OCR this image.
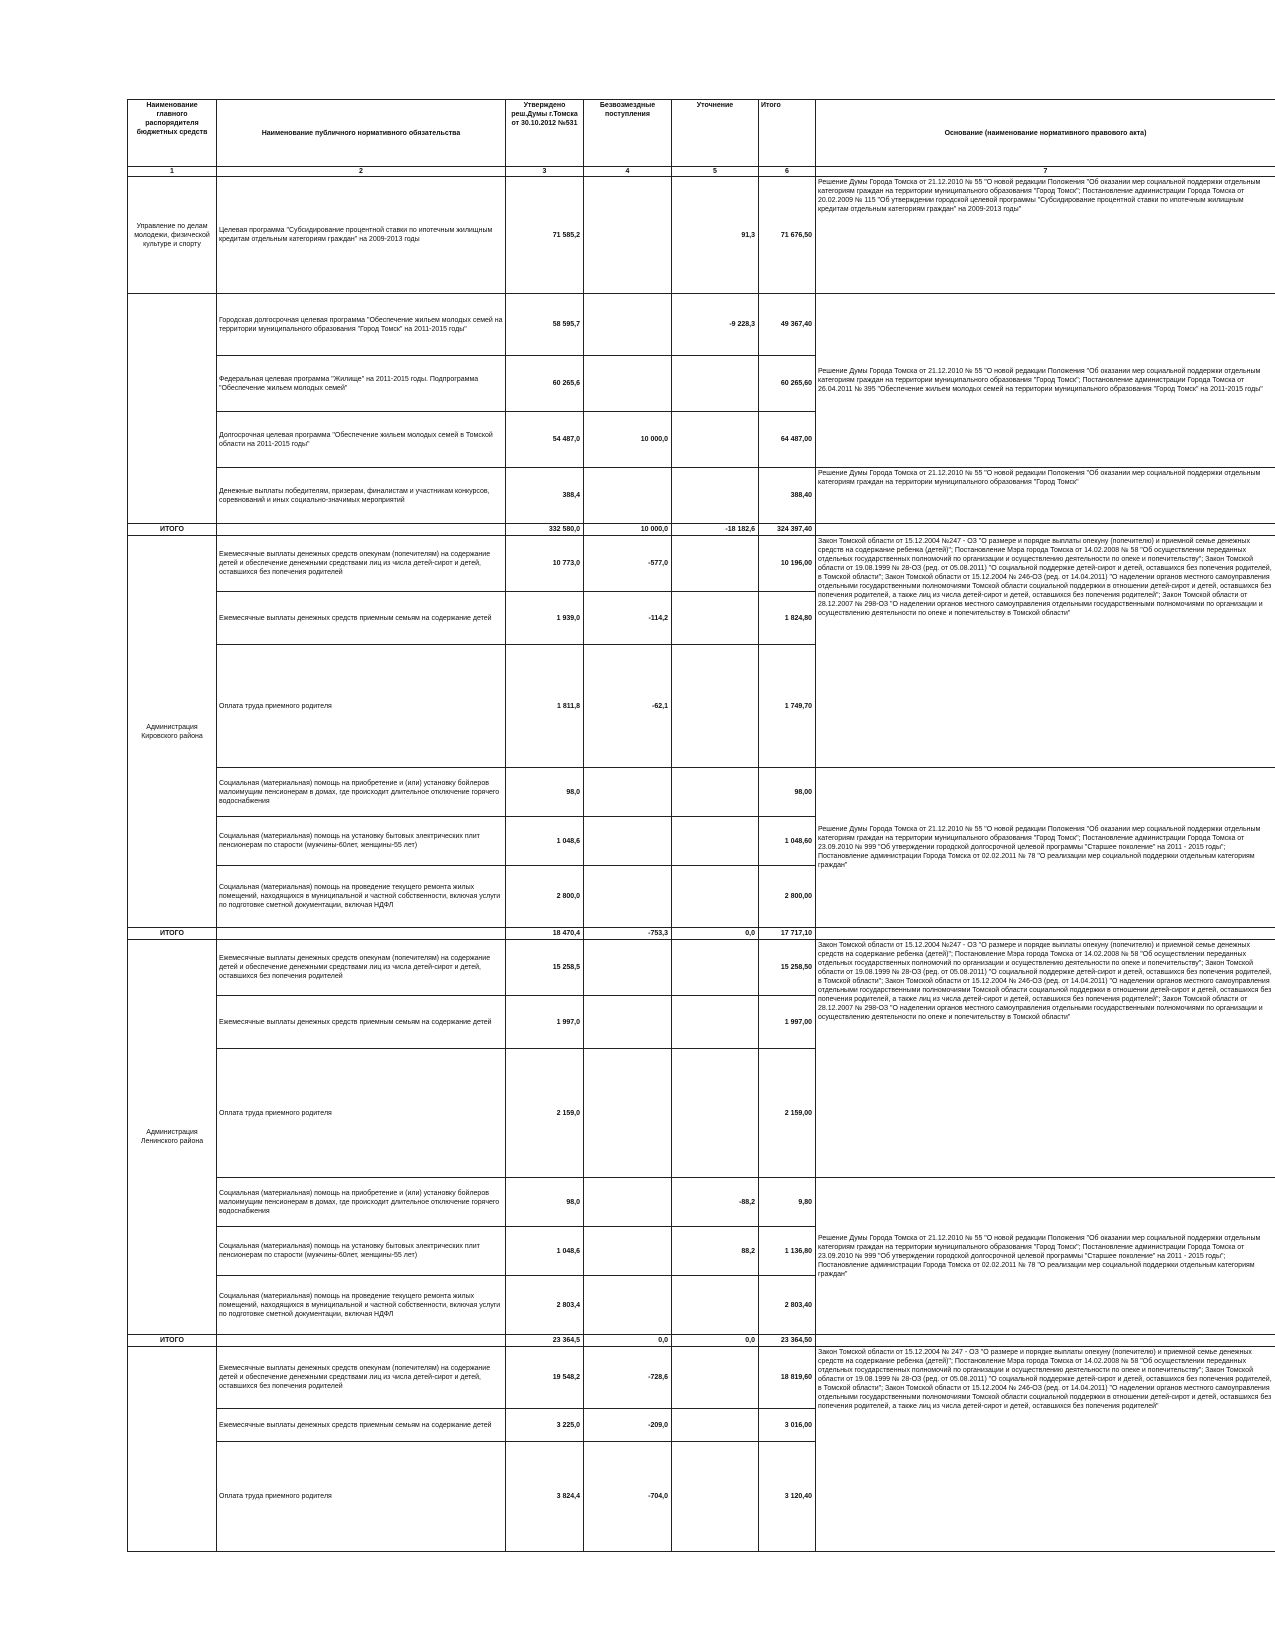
Наименование главного распорядителя бюджетных средств	Наименование публичного нормативного обязательства	Утверждено реш.Думы г.Томска от 30.10.2012 №531	Безвозмездные поступления	Уточнение	Итого	Основание (наименование нормативного правового акта)
1	2	3	4	5	6	7
Управление по делам молодежи, физической культуре и спорту	Целевая программа "Субсидирование процентной ставки по ипотечным жилищным кредитам отдельным категориям граждан" на 2009-2013 годы	71 585,2		91,3	71 676,50	Решение Думы Города Томска от 21.12.2010 № 55 "О новой редакции Положения "Об оказании мер социальной поддержки отдельным категориям граждан на территории муниципального образования "Город Томск"; Постановление администрации Города Томска от 20.02.2009 № 115 "Об утверждении городской целевой программы "Субсидирование процентной ставки по ипотечным жилищным кредитам отдельным категориям граждан" на 2009-2013 годы"
	Городская долгосрочная целевая программа "Обеспечение жильем молодых семей на территории муниципального образования "Город Томск" на 2011-2015 годы"	58 595,7		-9 228,3	49 367,40	Решение Думы Города Томска от 21.12.2010 № 55 "О новой редакции Положения "Об оказании мер социальной поддержки отдельным категориям граждан на территории муниципального образования "Город Томск"; Постановление администрации Города Томска от 26.04.2011 № 395 "Обеспечение жильем молодых семей на территории муниципального образования "Город Томск" на 2011-2015 годы"
	Федеральная целевая программа "Жилище" на 2011-2015 годы. Подпрограмма "Обеспечение жильем молодых семей"	60 265,6			60 265,60	
	Долгосрочная целевая программа "Обеспечение жильем молодых семей в Томской области на 2011-2015 годы"	54 487,0	10 000,0		64 487,00	
	Денежные выплаты победителям, призерам, финалистам и участникам конкурсов, соревнований и иных социально-значимых мероприятий	388,4			388,40	Решение Думы Города Томска от 21.12.2010 № 55 "О новой редакции Положения "Об оказании мер социальной поддержки отдельным категориям граждан на территории муниципального образования "Город Томск"
ИТОГО		332 580,0	10 000,0	-18 182,6	324 397,40	
Администрация Кировского района	Ежемесячные выплаты денежных средств опекунам (попечителям) на содержание детей и обеспечение денежными средствами лиц из числа детей-сирот и детей, оставшихся без попечения родителей	10 773,0	-577,0		10 196,00	Закон Томской области от 15.12.2004 №247 - ОЗ "О размере и порядке выплаты опекуну (попечителю) и приемной семье денежных средств на содержание ребенка (детей)"; Постановление Мэра города Томска от 14.02.2008 № 58 "Об осуществлении переданных отдельных государственных полномочий по организации и осуществлению деятельности по опеке и попечительству"; Закон Томской области от 19.08.1999 № 28-ОЗ (ред. от 05.08.2011) "О социальной поддержке детей-сирот и детей, оставшихся без попечения родителей, в Томской области"; Закон Томской области от 15.12.2004 № 246-ОЗ (ред. от 14.04.2011) "О наделении органов местного самоуправления отдельными государственными полномочиями Томской области социальной поддержки в отношении детей-сирот и детей, оставшихся без попечения родителей, а также лиц из числа детей-сирот и детей, оставшихся без попечения родителей"; Закон Томской области от 28.12.2007 № 298-ОЗ "О наделении органов местного самоуправления отдельными государственными полномочиями по организации и осуществлению деятельности по опеке и попечительству в Томской области"
	Ежемесячные выплаты денежных средств приемным семьям на содержание детей	1 939,0	-114,2		1 824,80	
	Оплата труда приемного родителя	1 811,8	-62,1		1 749,70	
	Социальная (материальная) помощь на приобретение и (или) установку бойлеров малоимущим пенсионерам в домах, где происходит длительное отключение горячего водоснабжения	98,0			98,00	Решение Думы Города Томска от 21.12.2010 № 55 "О новой редакции Положения "Об оказании мер социальной поддержки отдельным категориям граждан на территории муниципального образования "Город Томск"; Постановление администрации Города Томска от 23.09.2010 № 999 "Об утверждении городской долгосрочной целевой программы "Старшее поколение" на 2011 - 2015 годы"; Постановление администрации Города Томска от 02.02.2011 № 78 "О реализации мер социальной поддержки отдельным категориям граждан"
	Социальная (материальная) помощь на установку бытовых электрических плит пенсионерам по старости (мужчины-60лет, женщины-55 лет)	1 048,6			1 048,60	
	Социальная (материальная) помощь на проведение текущего ремонта жилых помещений, находящихся в муниципальной и частной собственности, включая услуги по подготовке сметной документации, включая НДФЛ	2 800,0			2 800,00	
ИТОГО		18 470,4	-753,3	0,0	17 717,10	
Администрация Ленинского района	Ежемесячные выплаты денежных средств опекунам (попечителям) на содержание детей и обеспечение денежными средствами лиц из числа детей-сирот и детей, оставшихся без попечения родителей	15 258,5			15 258,50	Закон Томской области от 15.12.2004 №247 - ОЗ "О размере и порядке выплаты опекуну (попечителю) и приемной семье денежных средств на содержание ребенка (детей)"; Постановление Мэра города Томска от 14.02.2008 № 58 "Об осуществлении переданных отдельных государственных полномочий по организации и осуществлению деятельности по опеке и попечительству"; Закон Томской области от 19.08.1999 № 28-ОЗ (ред. от 05.08.2011) "О социальной поддержке детей-сирот и детей, оставшихся без попечения родителей, в Томской области"; Закон Томской области от 15.12.2004 № 246-ОЗ (ред. от 14.04.2011) "О наделении органов местного самоуправления отдельными государственными полномочиями Томской области социальной поддержки в отношении детей-сирот и детей, оставшихся без попечения родителей, а также лиц из числа детей-сирот и детей, оставшихся без попечения родителей"; Закон Томской области от 28.12.2007 № 298-ОЗ "О наделении органов местного самоуправления отдельными государственными полномочиями по организации и осуществлению деятельности по опеке и попечительству в Томской области"
	Ежемесячные выплаты денежных средств приемным семьям на содержание детей	1 997,0			1 997,00	
	Оплата труда приемного родителя	2 159,0			2 159,00	
	Социальная (материальная) помощь на приобретение и (или) установку бойлеров малоимущим пенсионерам в домах, где происходит длительное отключение горячего водоснабжения	98,0		-88,2	9,80	Решение Думы Города Томска от 21.12.2010 № 55 "О новой редакции Положения "Об оказании мер социальной поддержки отдельным категориям граждан на территории муниципального образования "Город Томск"; Постановление администрации Города Томска от 23.09.2010 № 999 "Об утверждении городской долгосрочной целевой программы "Старшее поколение" на 2011 - 2015 годы"; Постановление администрации Города Томска от 02.02.2011 № 78 "О реализации мер социальной поддержки отдельным категориям граждан"
	Социальная (материальная) помощь на установку бытовых электрических плит пенсионерам по старости (мужчины-60лет, женщины-55 лет)	1 048,6		88,2	1 136,80	
	Социальная (материальная) помощь на проведение текущего ремонта жилых помещений, находящихся в муниципальной и частной собственности, включая услуги по подготовке сметной документации, включая НДФЛ	2 803,4			2 803,40	
ИТОГО		23 364,5	0,0	0,0	23 364,50	
	Ежемесячные выплаты денежных средств опекунам (попечителям) на содержание детей и обеспечение денежными средствами лиц из числа детей-сирот и детей, оставшихся без попечения родителей	19 548,2	-728,6		18 819,60	Закон Томской области от 15.12.2004 № 247 - ОЗ "О размере и порядке выплаты опекуну (попечителю) и приемной семье денежных средств на содержание ребенка (детей)"; Постановление Мэра города Томска от 14.02.2008 № 58 "Об осуществлении переданных отдельных государственных полномочий по организации и осуществлению деятельности по опеке и попечительству"; Закон Томской области от 19.08.1999 № 28-ОЗ (ред. от 05.08.2011) "О социальной поддержке детей-сирот и детей, оставшихся без попечения родителей, в Томской области"; Закон Томской области от 15.12.2004 № 246-ОЗ (ред. от 14.04.2011) "О наделении органов местного самоуправления отдельными государственными полномочиями Томской области социальной поддержки в отношении детей-сирот и детей, оставшихся без попечения родителей, а также лиц из числа детей-сирот и детей, оставшихся без попечения родителей"
	Ежемесячные выплаты денежных средств приемным семьям на содержание детей	3 225,0	-209,0		3 016,00	
	Оплата труда приемного родителя	3 824,4	-704,0		3 120,40	
